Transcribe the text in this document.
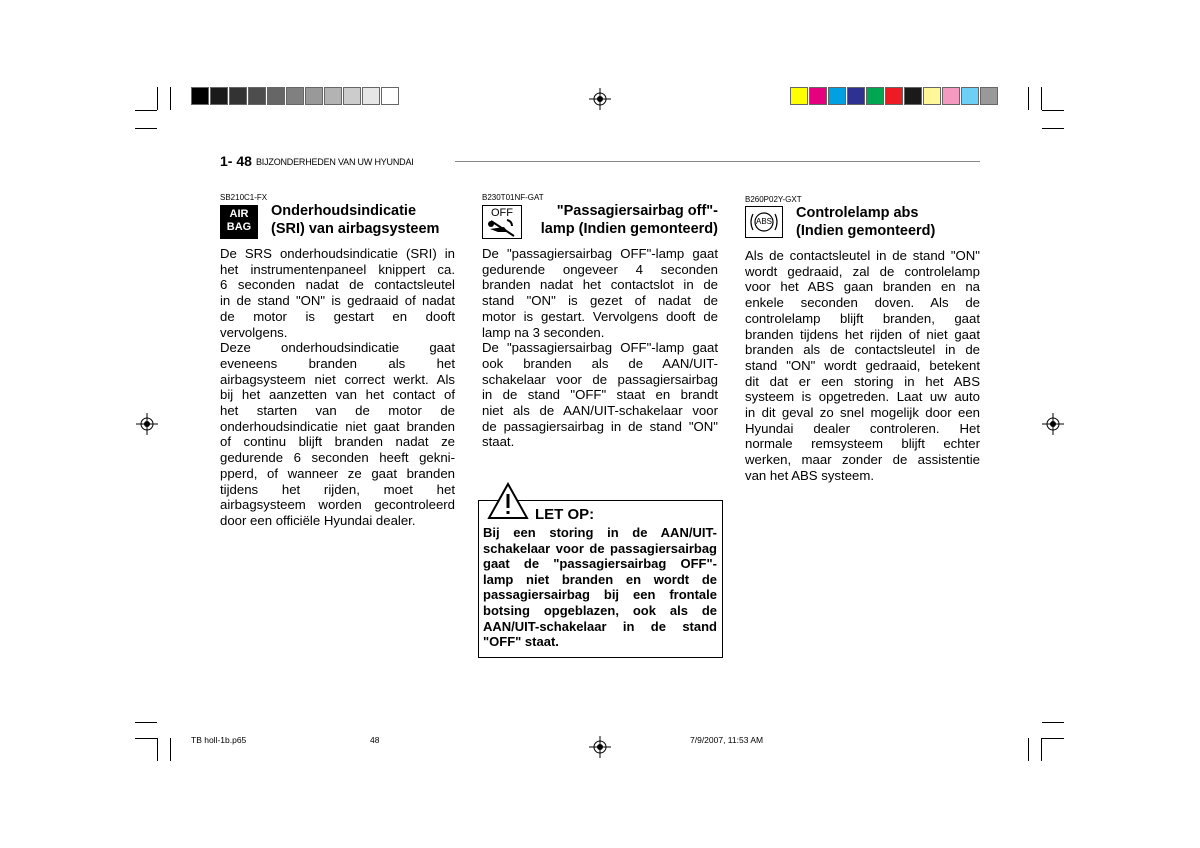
1- 48 BIJZONDERHEDEN VAN UW HYUNDAI
SB210C1-FX
AIR
BAG
Onderhoudsindicatie
(SRI) van airbagsysteem
De SRS onderhoudsindicatie (SRI) in
het instrumentenpaneel knippert ca.
6 seconden nadat de contactsleutel
in de stand "ON" is gedraaid of nadat
de motor is gestart en dooft
vervolgens.
Deze onderhoudsindicatie gaat
eveneens branden als het
airbagsysteem niet correct werkt. Als
bij het aanzetten van het contact of
het starten van de motor de
onderhoudsindicatie niet gaat branden
of continu blijft branden nadat ze
gedurende 6 seconden heeft gekni-
pperd, of wanneer ze gaat branden
tijdens het rijden, moet het
airbagsysteem worden gecontroleerd
door een officiële Hyundai dealer.
B230T01NF-GAT
OFF	"Passagiersairbag off"-
lamp (Indien gemonteerd)
De "passagiersairbag OFF"-lamp gaat
gedurende ongeveer 4 seconden
branden nadat het contactslot in de
stand "ON" is gezet of nadat de
motor is gestart. Vervolgens dooft de
lamp na 3 seconden.
De "passagiersairbag OFF"-lamp gaat
ook branden als de AAN/UIT-
schakelaar voor de passagiersairbag
in de stand "OFF" staat en brandt
niet als de AAN/UIT-schakelaar voor
de passagiersairbag in de stand "ON"
staat.
B260P02Y-GXT
ABS
Controlelamp abs
(Indien gemonteerd)
Als de contactsleutel in de stand "ON"
wordt gedraaid, zal de controlelamp
voor het ABS gaan branden en na
enkele seconden doven. Als de
controlelamp blijft branden, gaat
branden tijdens het rijden of niet gaat
branden als de contactsleutel in de
stand "ON" wordt gedraaid, betekent
dit dat er een storing in het ABS
systeem is opgetreden. Laat uw auto
in dit geval zo snel mogelijk door een
Hyundai dealer controleren. Het
normale remsysteem blijft echter
werken, maar zonder de assistentie
van het ABS systeem.
LET OP:
Bij een storing in de AAN/UIT-
schakelaar voor de passagiersairbag
gaat de "passagiersairbag OFF"-
lamp niet branden en wordt de
passagiersairbag bij een frontale
botsing opgeblazen, ook als de
AAN/UIT-schakelaar in de stand
"OFF" staat.
TB holl-1b.p65	48	7/9/2007, 11:53 AM
